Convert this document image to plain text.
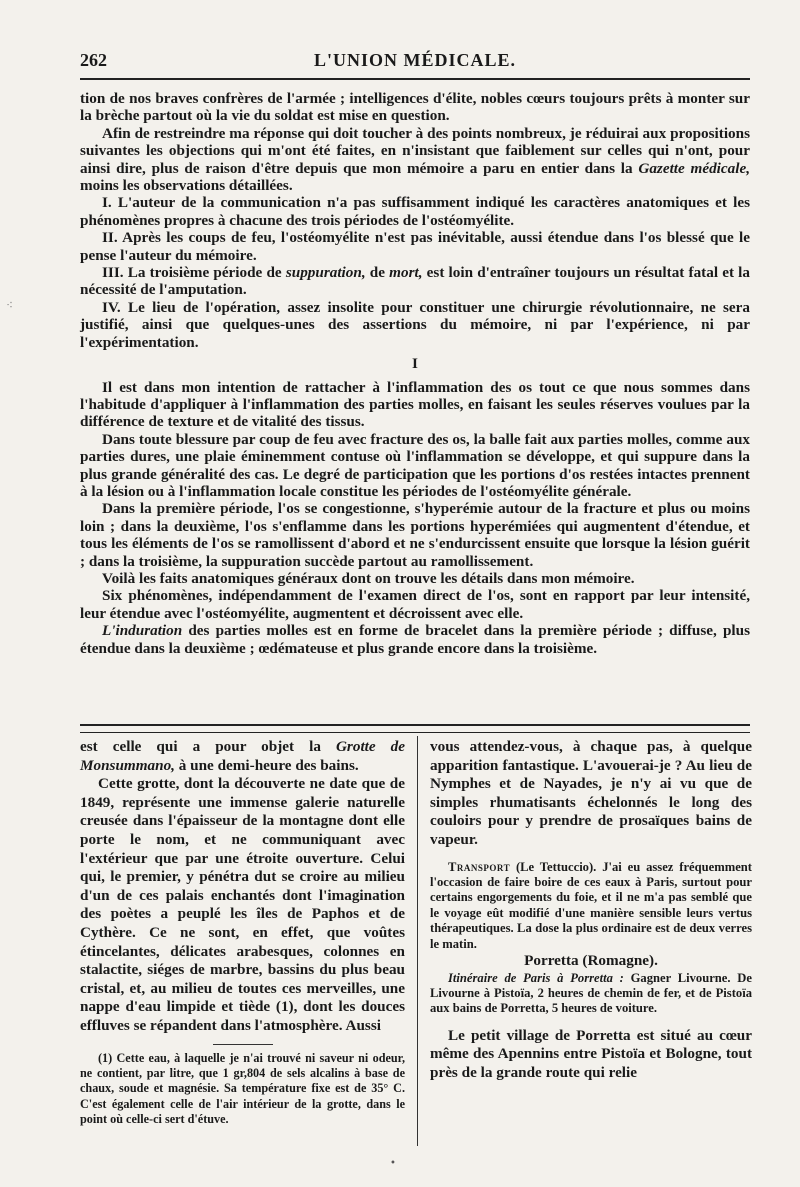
262	L'UNION MÉDICALE.
⁖

tion de nos braves confrères de l'armée ; intelligences d'élite, nobles cœurs toujours prêts à monter sur la brèche partout où la vie du soldat est mise en question.

Afin de restreindre ma réponse qui doit toucher à des points nombreux, je réduirai aux propositions suivantes les objections qui m'ont été faites, en n'insistant que faiblement sur celles qui n'ont, pour ainsi dire, plus de raison d'être depuis que mon mémoire a paru en entier dans la Gazette médicale, moins les observations détaillées.

I. L'auteur de la communication n'a pas suffisamment indiqué les caractères anatomiques et les phénomènes propres à chacune des trois périodes de l'ostéomyélite.

II. Après les coups de feu, l'ostéomyélite n'est pas inévitable, aussi étendue dans l'os blessé que le pense l'auteur du mémoire.

III. La troisième période de suppuration, de mort, est loin d'entraîner toujours un résultat fatal et la nécessité de l'amputation.

IV. Le lieu de l'opération, assez insolite pour constituer une chirurgie révolutionnaire, ne sera justifié, ainsi que quelques-unes des assertions du mémoire, ni par l'expérience, ni par l'expérimentation.

I

Il est dans mon intention de rattacher à l'inflammation des os tout ce que nous sommes dans l'habitude d'appliquer à l'inflammation des parties molles, en faisant les seules réserves voulues par la différence de texture et de vitalité des tissus.

Dans toute blessure par coup de feu avec fracture des os, la balle fait aux parties molles, comme aux parties dures, une plaie éminemment contuse où l'inflammation se développe, et qui suppure dans la plus grande généralité des cas. Le degré de participation que les portions d'os restées intactes prennent à la lésion ou à l'inflammation locale constitue les périodes de l'ostéomyélite générale.

Dans la première période, l'os se congestionne, s'hyperémie autour de la fracture et plus ou moins loin ; dans la deuxième, l'os s'enflamme dans les portions hyperémiées qui augmentent d'étendue, et tous les éléments de l'os se ramollissent d'abord et ne s'endurcissent ensuite que lorsque la lésion guérit ; dans la troisième, la suppuration succède partout au ramollissement.

Voilà les faits anatomiques généraux dont on trouve les détails dans mon mémoire.

Six phénomènes, indépendamment de l'examen direct de l'os, sont en rapport par leur intensité, leur étendue avec l'ostéomyélite, augmentent et décroissent avec elle.

L'induration des parties molles est en forme de bracelet dans la première période ; diffuse, plus étendue dans la deuxième ; œdémateuse et plus grande encore dans la troisième.

est celle qui a pour objet la Grotte de Monsummano, à une demi-heure des bains.

Cette grotte, dont la découverte ne date que de 1849, représente une immense galerie naturelle creusée dans l'épaisseur de la montagne dont elle porte le nom, et ne communiquant avec l'extérieur que par une étroite ouverture. Celui qui, le premier, y pénétra dut se croire au milieu d'un de ces palais enchantés dont l'imagination des poètes a peuplé les îles de Paphos et de Cythère. Ce ne sont, en effet, que voûtes étincelantes, délicates arabesques, colonnes en stalactite, siéges de marbre, bassins du plus beau cristal, et, au milieu de toutes ces merveilles, une nappe d'eau limpide et tiède (1), dont les douces effluves se répandent dans l'atmosphère. Aussi

(1) Cette eau, à laquelle je n'ai trouvé ni saveur ni odeur, ne contient, par litre, que 1 gr,804 de sels alcalins à base de chaux, soude et magnésie. Sa température fixe est de 35° C. C'est également celle de l'air intérieur de la grotte, dans le point où celle-ci sert d'étuve.

vous attendez-vous, à chaque pas, à quelque apparition fantastique. L'avouerai-je ? Au lieu de Nymphes et de Nayades, je n'y ai vu que de simples rhumatisants échelonnés le long des couloirs pour y prendre de prosaïques bains de vapeur.

Transport (Le Tettuccio). J'ai eu assez fréquemment l'occasion de faire boire de ces eaux à Paris, surtout pour certains engorgements du foie, et il ne m'a pas semblé que le voyage eût modifié d'une manière sensible leurs vertus thérapeutiques. La dose la plus ordinaire est de deux verres le matin.

Porretta (Romagne).

Itinéraire de Paris à Porretta : Gagner Livourne. De Livourne à Pistoïa, 2 heures de chemin de fer, et de Pistoïa aux bains de Porretta, 5 heures de voiture.

Le petit village de Porretta est situé au cœur même des Apennins entre Pistoïa et Bologne, tout près de la grande route qui relie

•
